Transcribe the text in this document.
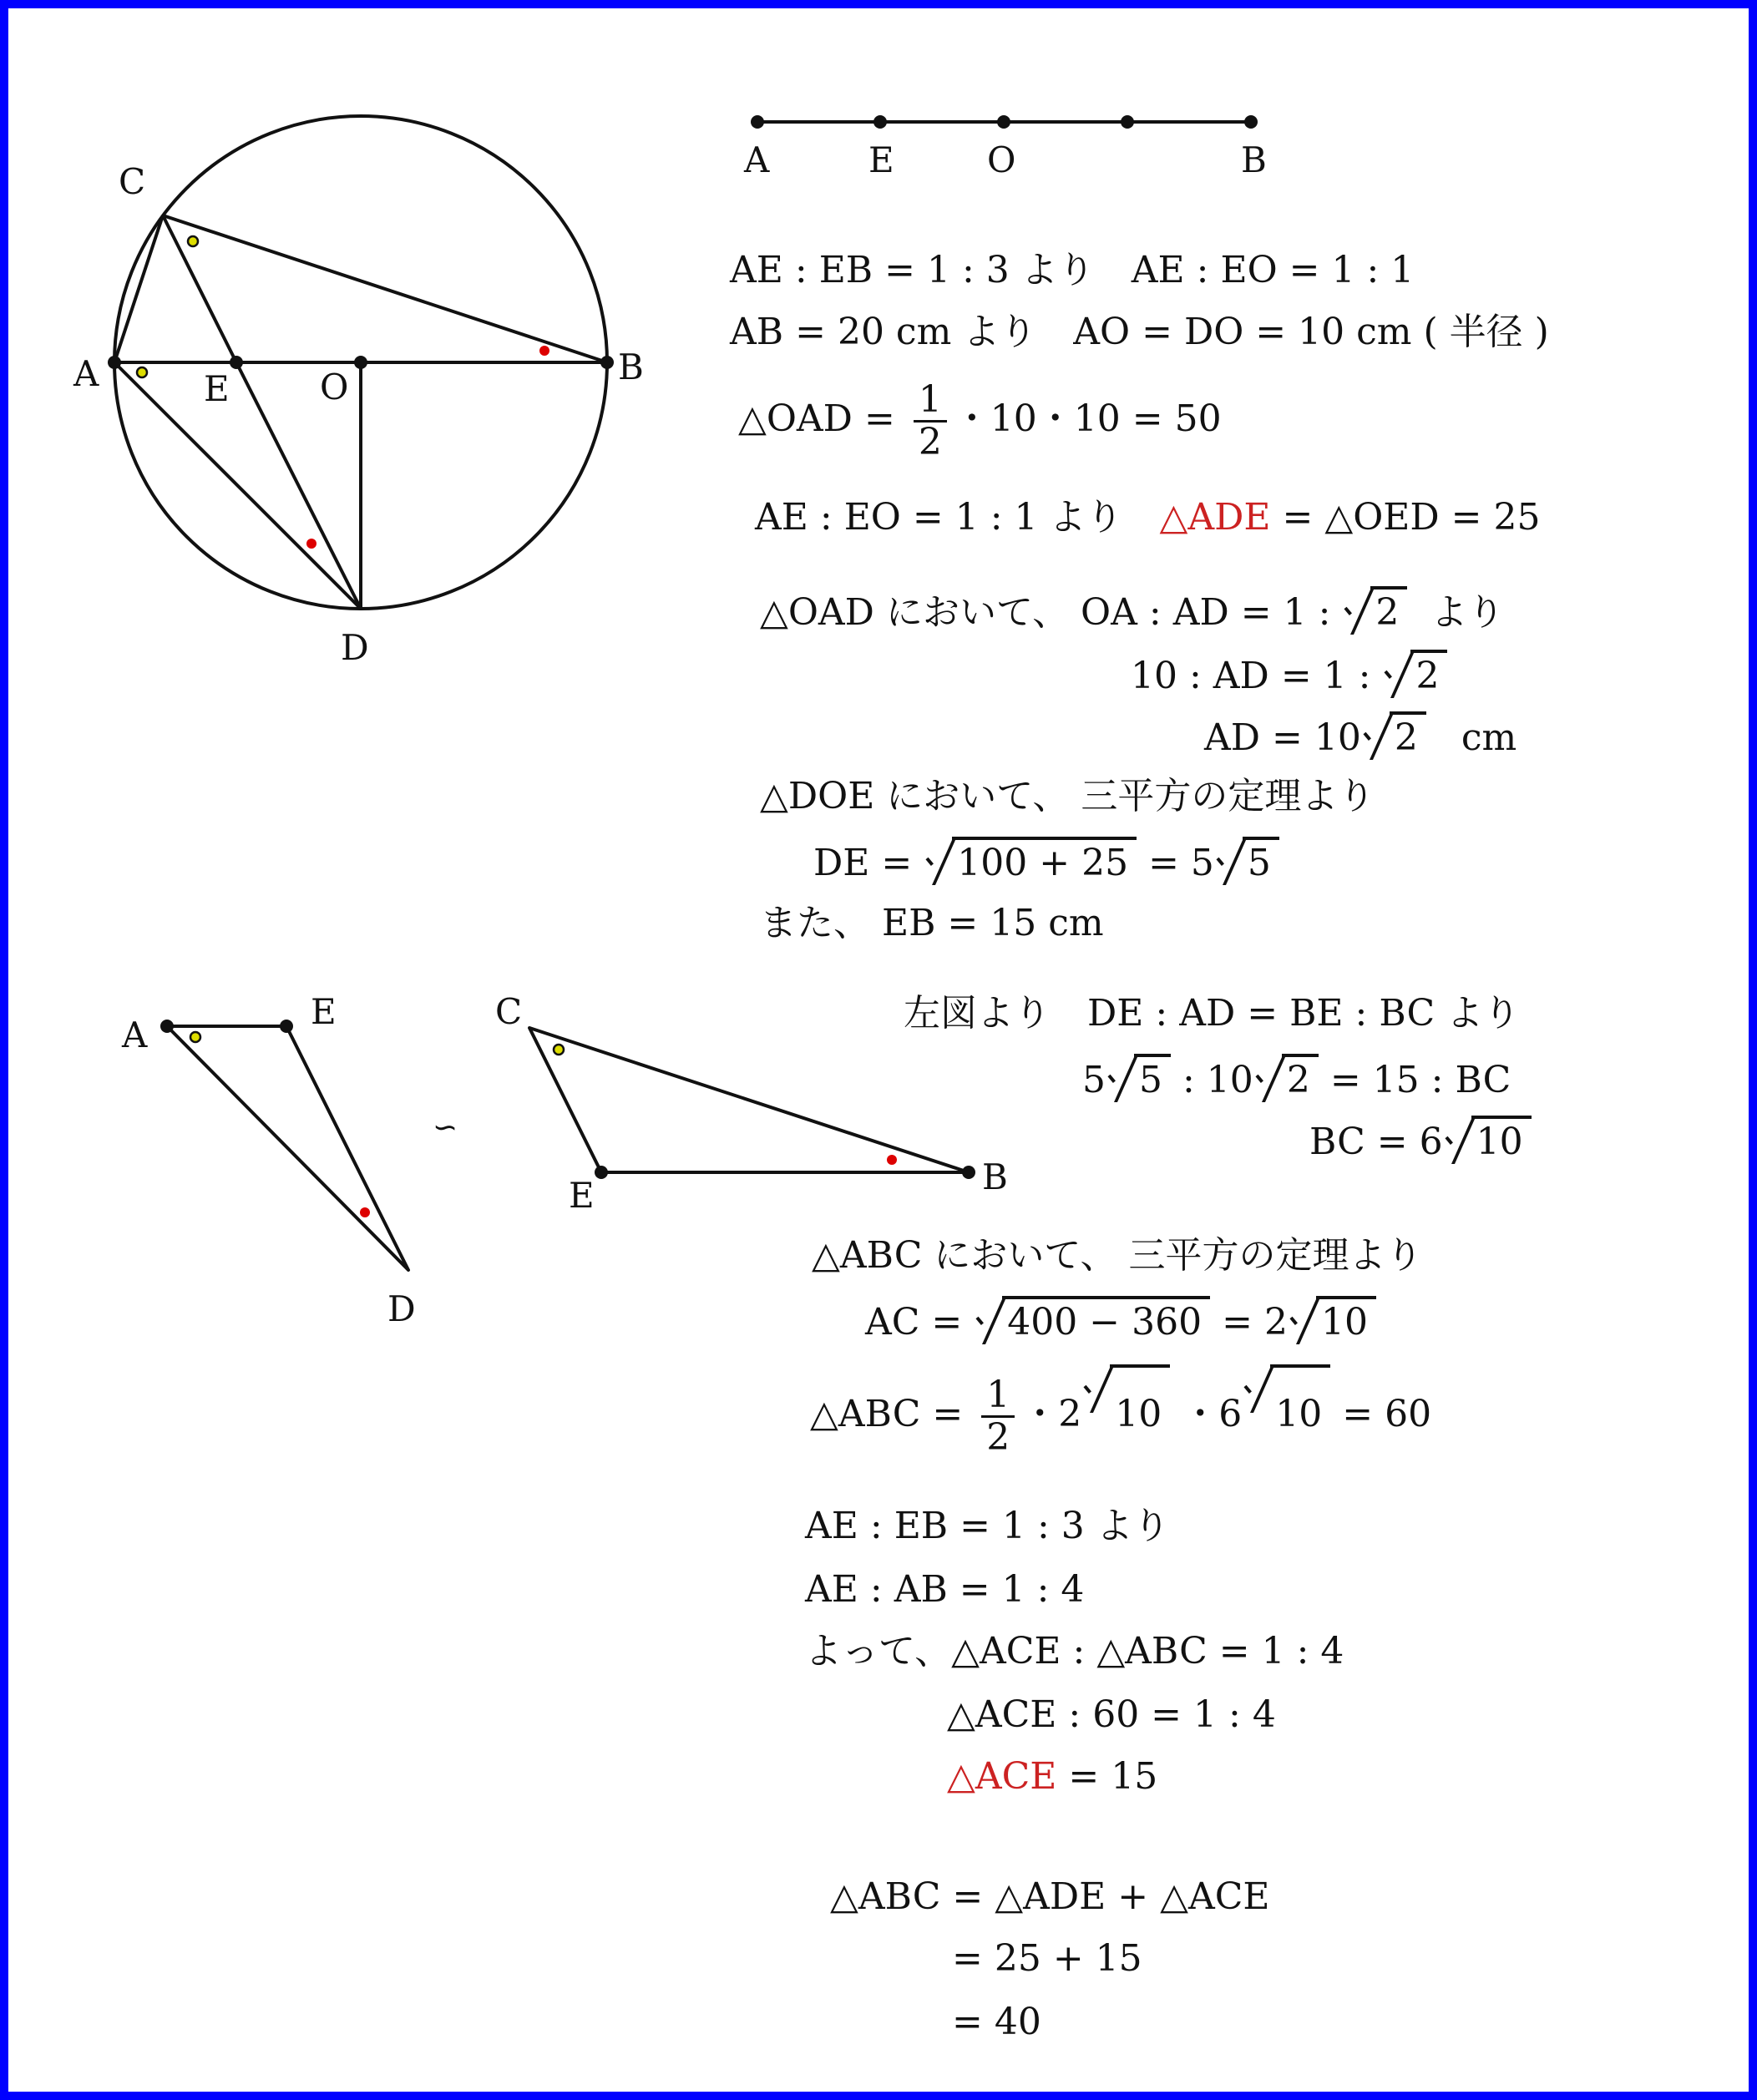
C
A	E	O	B
D
A	E	O	B
A
E
D
∽
C
E	B
AE : EB = 1 : 3 より　AE : EO = 1 : 1
AB = 20 cm より　AO = DO = 10 cm ( 半径 )
△OAD = $\frac{1}{2}$ ・10・10 = 50
AE : EO = 1 : 1 より　△ADE = △OED = 25
△OAD において、 OA : AD = 1 : 2 より
10 : AD = 1 : 2
AD = 10 2 cm
△DOE において、 三平方の定理より
DE = 100 + 25 = 5 5
また、 EB = 15 cm
左図より　DE : AD = BE : BC より
5 5 : 10 2 = 15 : BC
BC = 6 10
△ABC において、 三平方の定理より
AC = 400 − 360 = 2 10
△ABC = $\frac{1}{2}$ ・2 10 ・6 10 = 60
AE : EB = 1 : 3 より
AE : AB = 1 : 4
よって、△ACE : △ABC = 1 : 4
△ACE : 60 = 1 : 4
△ACE = 15
△ABC = △ADE + △ACE
= 25 + 15
= 40
